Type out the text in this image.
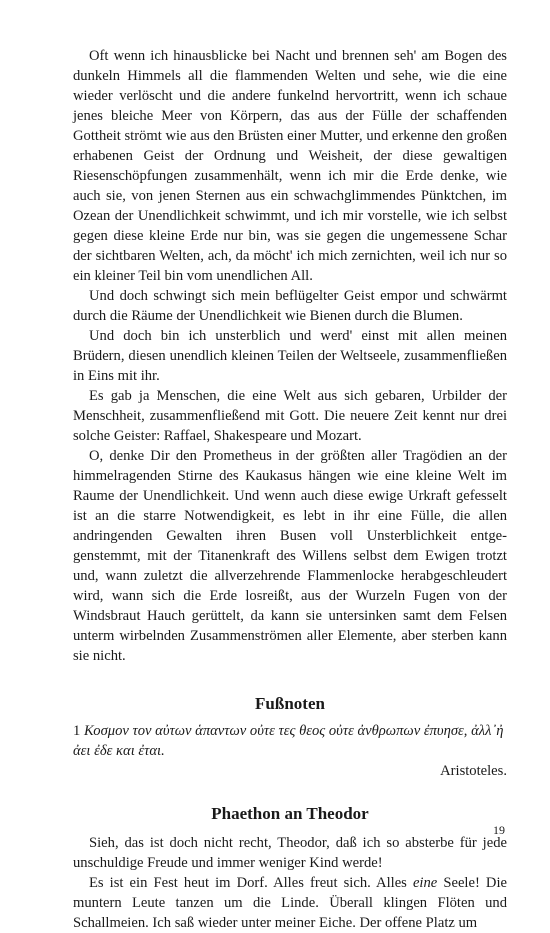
Oft wenn ich hinausblicke bei Nacht und brennen seh' am Bogen des dunkeln Himmels all die flammenden Welten und sehe, wie die eine wieder verlöscht und die andere funkelnd hervortritt, wenn ich schaue jenes bleiche Meer von Körpern, das aus der Fülle der schaffenden Gottheit strömt wie aus den Brüsten einer Mutter, und erkenne den großen erhabenen Geist der Ordnung und Weisheit, der diese gewaltigen Riesenschöpfungen zusammenhält, wenn ich mir die Erde denke, wie auch sie, von jenen Sternen aus ein schwachglimmendes Pünktchen, im Ozean der Unendlichkeit schwimmt, und ich mir vorstelle, wie ich selbst gegen diese kleine Erde nur bin, was sie gegen die ungemessene Schar der sichtbaren Welten, ach, da möcht' ich mich zernichten, weil ich nur so ein kleiner Teil bin vom unendlichen All.

Und doch schwingt sich mein beflügelter Geist empor und schwärmt durch die Räume der Unendlichkeit wie Bienen durch die Blumen.

Und doch bin ich unsterblich und werd' einst mit allen meinen Brüdern, diesen unendlich kleinen Teilen der Weltseele, zusammenfließen in Eins mit ihr.

Es gab ja Menschen, die eine Welt aus sich gebaren, Urbilder der Menschheit, zusammenfließend mit Gott. Die neuere Zeit kennt nur drei solche Geister: Raffael, Shakespeare und Mozart.

O, denke Dir den Prometheus in der größten aller Tragödien an der himmelragenden Stirne des Kaukasus hängen wie eine kleine Welt im Raume der Unendlichkeit. Und wenn auch diese ewige Urkraft gefesselt ist an die starre Notwendigkeit, es lebt in ihr eine Fülle, die allen andringenden Gewalten ihren Busen voll Unsterblichkeit entgegenstemmt, mit der Titanenkraft des Willens selbst dem Ewigen trotzt und, wann zuletzt die allverzehrende Flammenlocke herabgeschleudert wird, wann sich die Erde losreißt, aus der Wurzeln Fugen von der Windsbraut Hauch gerüttelt, da kann sie untersinken samt dem Felsen unterm wirbelnden Zusammenströmen aller Elemente, aber sterben kann sie nicht.

Fußnoten

1 Κοσμον τον αὐτων ἁπαντων οὐτε τες θεος οὐτε ἀνθρωπων ἐπυησε, ἀλλ᾽ἠ ἀει ἐδε και ἐται.

Aristoteles.

Phaethon an Theodor

Sieh, das ist doch nicht recht, Theodor, daß ich so absterbe für jede unschuldige Freude und immer weniger Kind werde!

Es ist ein Fest heut im Dorf. Alles freut sich. Alles eine Seele! Die muntern Leute tanzen um die Linde. Überall klingen Flöten und Schallmeien. Ich saß wieder unter meiner Eiche. Der offene Platz um

19
